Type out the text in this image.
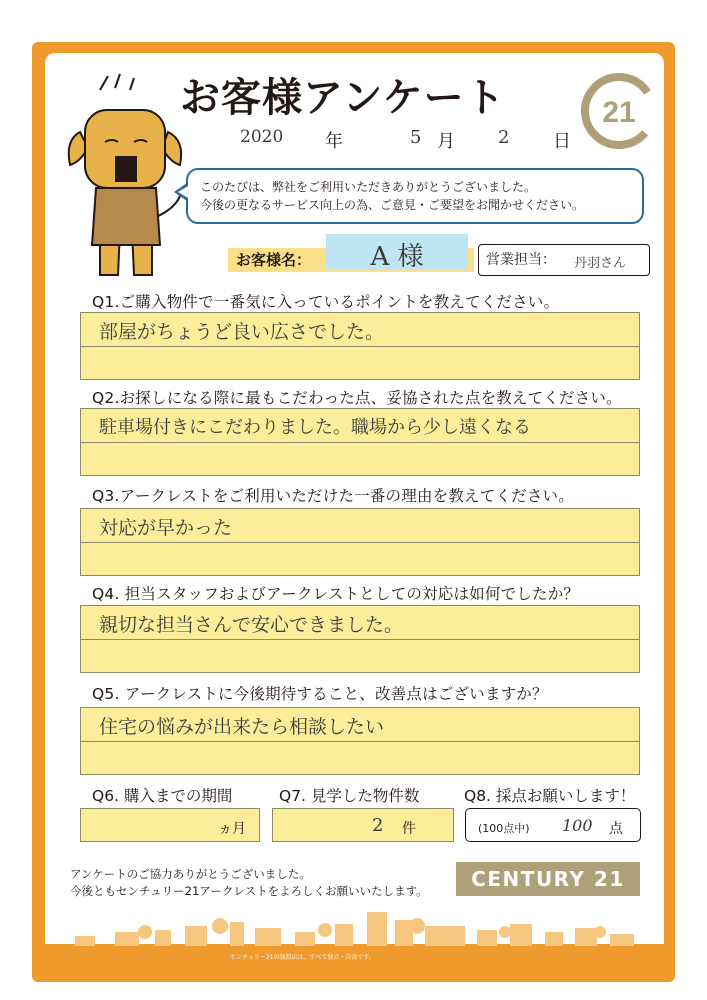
お客様アンケート	21
2020 年	5 月 2 日
このたびは、弊社をご利用いただきありがとうございました。
今後の更なるサービス向上の為、ご意見・ご要望をお聞かせください。
お客様名：	A 様	営業担当： 丹羽さん
Q1.ご購入物件で一番気に入っているポイントを教えてください。
部屋がちょうど良い広さでした。
Q2.お探しになる際に最もこだわった点、妥協された点を教えてください。
駐車場付きにこだわりました。職場から少し遠くなる
Q3.アークレストをご利用いただけた一番の理由を教えてください。
対応が早かった
Q4. 担当スタッフおよびアークレストとしての対応は如何でしたか？
親切な担当さんで安心できました。
Q5. アークレストに今後期待すること、改善点はございますか？
住宅の悩みが出来たら相談したい
Q6. 購入までの期間
ヵ月
Q7. 見学した物件数
2 件
Q8. 採点お願いします！
(100点中) 100 点
アンケートのご協力ありがとうございました。
今後ともセンチュリー21アークレストをよろしくお願いいたします。	CENTURY 21
センチュリー21の加盟店は、すべて独立・自営です。
